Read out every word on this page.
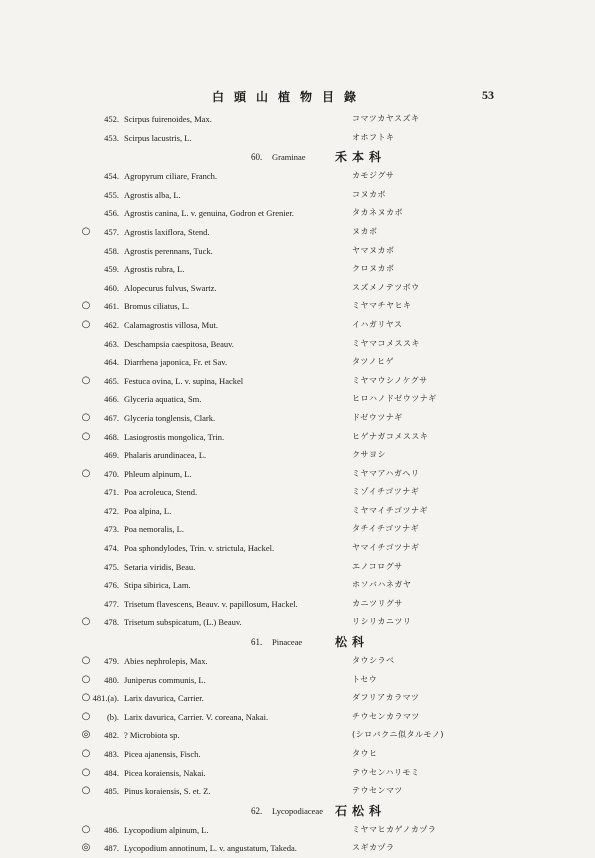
白頭山植物目錄	53
452. Scirpus fuirenoides, Max.	コマツカヤスズキ
453. Scirpus lacustris, L.	オホフトキ
60. Graminae 禾本科
454. Agropyrum ciliare, Franch.	カモジグサ
455. Agrostis alba, L.	コヌカボ
456. Agrostis canina, L. v. genuina, Godron et Grenier.	タカネヌカボ
○	457. Agrostis laxiflora, Stend.	ヌカボ
458. Agrostis perennans, Tuck.	ヤマヌカボ
459. Agrostis rubra, L.	クロヌカボ
460. Alopecurus fulvus, Swartz.	スズメノテツボウ
○	461. Bromus ciliatus, L.	ミヤマチヤヒキ
○	462. Calamagrostis villosa, Mut.	イハガリヤス
463. Deschampsia caespitosa, Beauv.	ミヤマコメススキ
464. Diarrhena japonica, Fr. et Sav.	タツノヒゲ
○	465. Festuca ovina, L. v. supina, Hackel	ミヤマウシノケグサ
466. Glyceria aquatica, Sm.	ヒロハノドゼウツナギ
○	467. Glyceria tonglensis, Clark.	ドゼウツナギ
○	468. Lasiogrostis mongolica, Trin.	ヒゲナガコメススキ
469. Phalaris arundinacea, L.	クサヨシ
○	470. Phleum alpinum, L.	ミヤマアハガヘリ
471. Poa acroleuca, Stend.	ミゾイチゴツナギ
472. Poa alpina, L.	ミヤマイチゴツナギ
473. Poa nemoralis, L.	タチイチゴツナギ
474. Poa sphondylodes, Trin. v. strictula, Hackel.	ヤマイチゴツナギ
475. Setaria viridis, Beau.	エノコログサ
476. Stipa sibirica, Lam.	ホソバハネガヤ
477. Trisetum flavescens, Beauv. v. papillosum, Hackel.	カニツリグサ
○	478. Trisetum subspicatum, (L.) Beauv.	リシリカニツリ
61. Pinaceae	松科
○	479. Abies nephrolepis, Max.	タウシラベ
○	480. Juniperus communis, L.	トセウ
○ 481.(a). Larix davurica, Carrier.	ダフリアカラマツ
○	(b). Larix davurica, Carrier. V. coreana, Nakai.	チウセンカラマツ
◎	482. ? Microbiota sp.	(シロバクニ似タルモノ)
○	483. Picea ajanensis, Fisch.	タウヒ
○	484. Picea koraiensis, Nakai.	テウセンハリモミ
○	485. Pinus koraiensis, S. et. Z.	テウセンマツ
62. Lycopodiaceae 石松科
○	486. Lycopodium alpinum, L.	ミヤマヒカゲノカヅラ
◎	487. Lycopodium annotinum, L. v. angustatum, Takeda.	スギカヅラ
